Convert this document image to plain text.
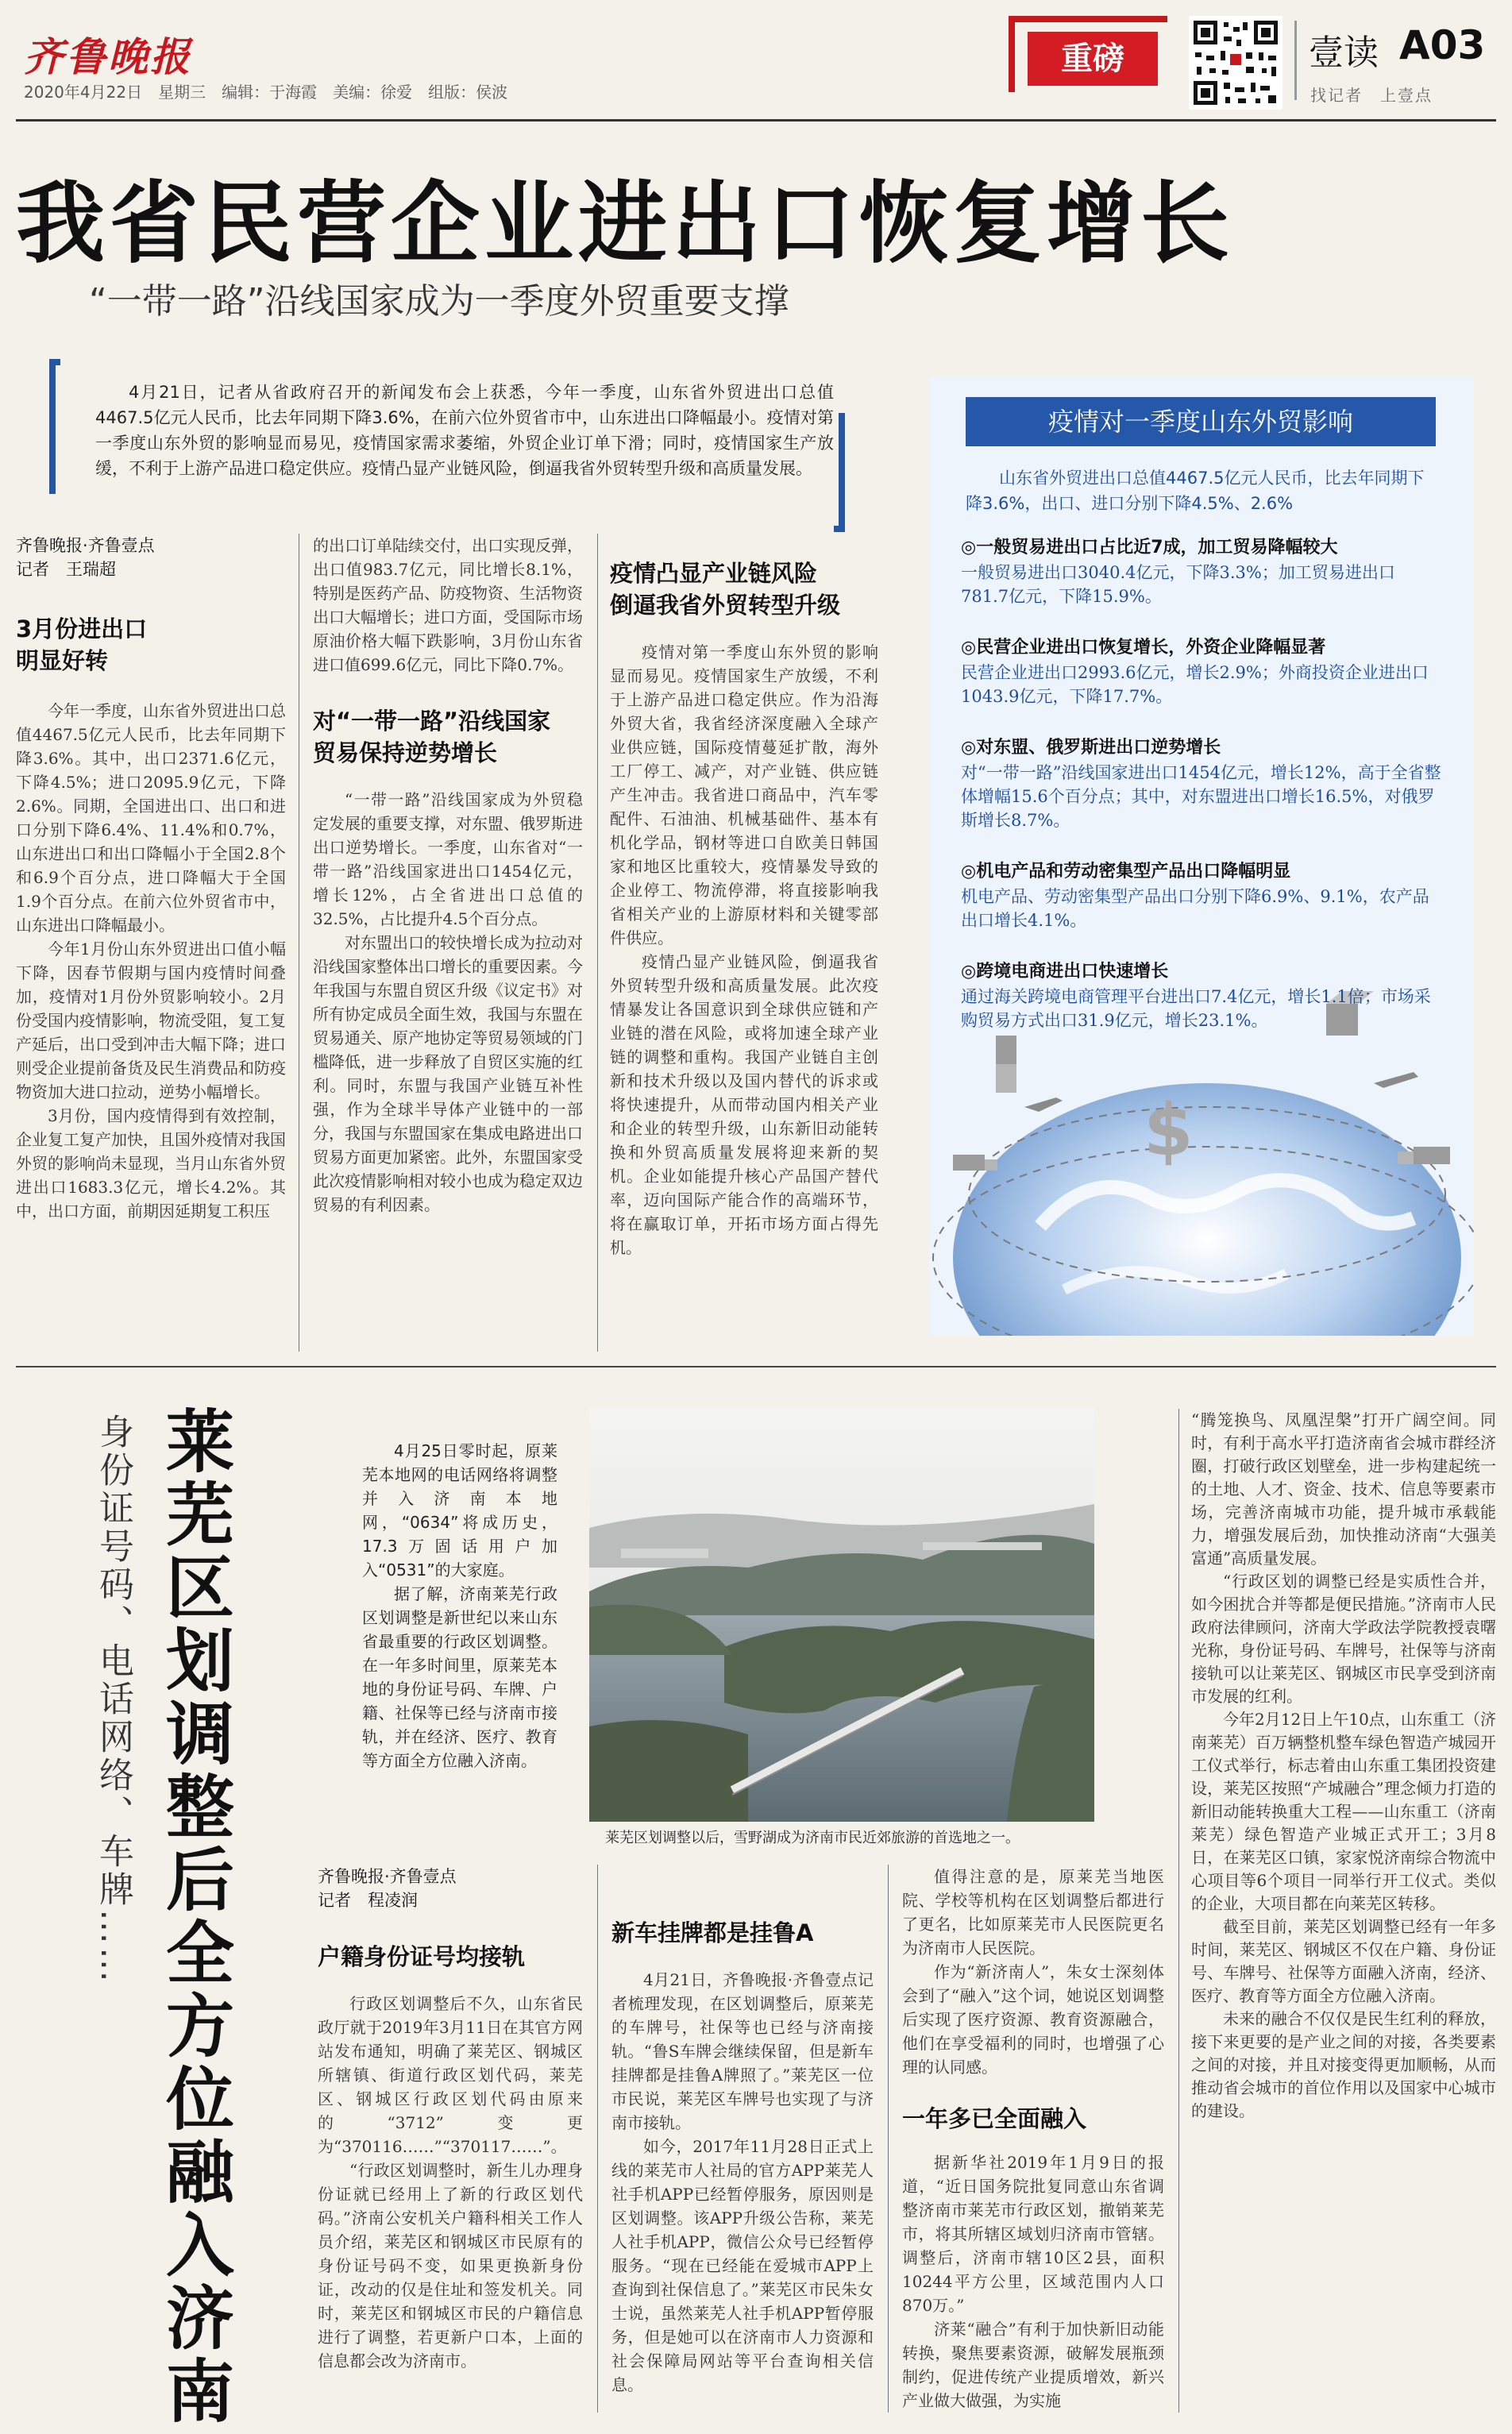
齐鲁晚报
2020年4月22日　星期三　编辑：于海霞　美编：徐爱　组版：侯波
重磅	壹读 A03
找记者　上壹点
我省民营企业进出口恢复增长
“一带一路”沿线国家成为一季度外贸重要支撑
4月21日，记者从省政府召开的新闻发布会上获悉，今年一季度，山东省外贸进出口总值4467.5亿元人民币，比去年同期下降3.6%，在前六位外贸省市中，山东进出口降幅最小。疫情对第一季度山东外贸的影响显而易见，疫情国家需求萎缩，外贸企业订单下滑；同时，疫情国家生产放缓，不利于上游产品进口稳定供应。疫情凸显产业链风险，倒逼我省外贸转型升级和高质量发展。
齐鲁晚报·齐鲁壹点
记者　王瑞超
3月份进出口
明显好转

今年一季度，山东省外贸进出口总值4467.5亿元人民币，比去年同期下降3.6%。其中，出口2371.6亿元，下降4.5%；进口2095.9亿元，下降2.6%。同期，全国进出口、出口和进口分别下降6.4%、11.4%和0.7%，山东进出口和出口降幅小于全国2.8个和6.9个百分点，进口降幅大于全国1.9个百分点。在前六位外贸省市中，山东进出口降幅最小。

今年1月份山东外贸进出口值小幅下降，因春节假期与国内疫情时间叠加，疫情对1月份外贸影响较小。2月份受国内疫情影响，物流受阻，复工复产延后，出口受到冲击大幅下降；进口则受企业提前备货及民生消费品和防疫物资加大进口拉动，逆势小幅增长。

3月份，国内疫情得到有效控制，企业复工复产加快，且国外疫情对我国外贸的影响尚未显现，当月山东省外贸进出口1683.3亿元，增长4.2%。其中，出口方面，前期因延期复工积压

的出口订单陆续交付，出口实现反弹，出口值983.7亿元，同比增长8.1%，特别是医药产品、防疫物资、生活物资出口大幅增长；进口方面，受国际市场原油价格大幅下跌影响，3月份山东省进口值699.6亿元，同比下降0.7%。

对“一带一路”沿线国家
贸易保持逆势增长

“一带一路”沿线国家成为外贸稳定发展的重要支撑，对东盟、俄罗斯进出口逆势增长。一季度，山东省对“一带一路”沿线国家进出口1454亿元，增长12%，占全省进出口总值的32.5%，占比提升4.5个百分点。

对东盟出口的较快增长成为拉动对沿线国家整体出口增长的重要因素。今年我国与东盟自贸区升级《议定书》对所有协定成员全面生效，我国与东盟在贸易通关、原产地协定等贸易领域的门槛降低，进一步释放了自贸区实施的红利。同时，东盟与我国产业链互补性强，作为全球半导体产业链中的一部分，我国与东盟国家在集成电路进出口贸易方面更加紧密。此外，东盟国家受此次疫情影响相对较小也成为稳定双边贸易的有利因素。

疫情凸显产业链风险
倒逼我省外贸转型升级

疫情对第一季度山东外贸的影响显而易见。疫情国家生产放缓，不利于上游产品进口稳定供应。作为沿海外贸大省，我省经济深度融入全球产业供应链，国际疫情蔓延扩散，海外工厂停工、减产，对产业链、供应链产生冲击。我省进口商品中，汽车零配件、石油油、机械基础件、基本有机化学品，钢材等进口自欧美日韩国家和地区比重较大，疫情暴发导致的企业停工、物流停滞，将直接影响我省相关产业的上游原材料和关键零部件供应。

疫情凸显产业链风险，倒逼我省外贸转型升级和高质量发展。此次疫情暴发让各国意识到全球供应链和产业链的潜在风险，或将加速全球产业链的调整和重构。我国产业链自主创新和技术升级以及国内替代的诉求或将快速提升，从而带动国内相关产业和企业的转型升级，山东新旧动能转换和外贸高质量发展将迎来新的契机。企业如能提升核心产品国产替代率，迈向国际产能合作的高端环节，将在赢取订单，开拓市场方面占得先机。

$
疫情对一季度山东外贸影响
山东省外贸进出口总值4467.5亿元人民币，比去年同期下降3.6%，出口、进口分别下降4.5%、2.6%
◎一般贸易进出口占比近7成，加工贸易降幅较大
一般贸易进出口3040.4亿元，下降3.3%；加工贸易进出口781.7亿元，下降15.9%。
◎民营企业进出口恢复增长，外资企业降幅显著
民营企业进出口2993.6亿元，增长2.9%；外商投资企业进出口1043.9亿元，下降17.7%。
◎对东盟、俄罗斯进出口逆势增长
对“一带一路”沿线国家进出口1454亿元，增长12%，高于全省整体增幅15.6个百分点；其中，对东盟进出口增长16.5%，对俄罗斯增长8.7%。
◎机电产品和劳动密集型产品出口降幅明显
机电产品、劳动密集型产品出口分别下降6.9%、9.1%，农产品出口增长4.1%。
◎跨境电商进出口快速增长
通过海关跨境电商管理平台进出口7.4亿元，增长1.1倍；市场采购贸易方式出口31.9亿元，增长23.1%。
身份证号码、电话网络、车牌…… 莱芜区划调整后全方位融入济南	4月25日零时起，原莱芜本地网的电话网络将调整并入济南本地网，“0634”将成历史，17.3万固话用户加入“0531”的大家庭。
据了解，济南莱芜行政区划调整是新世纪以来山东省最重要的行政区划调整。在一年多时间里，原莱芜本地的身份证号码、车牌、户籍、社保等已经与济南市接轨，并在经济、医疗、教育等方面全方位融入济南。
莱芜区划调整以后，雪野湖成为济南市民近郊旅游的首选地之一。
齐鲁晚报·齐鲁壹点
记者　程凌润
户籍身份证号均接轨

行政区划调整后不久，山东省民政厅就于2019年3月11日在其官方网站发布通知，明确了莱芜区、钢城区所辖镇、街道行政区划代码，莱芜区、钢城区行政区划代码由原来的“3712”变更为“370116……”“370117……”。

“行政区划调整时，新生儿办理身份证就已经用上了新的行政区划代码。”济南公安机关户籍科相关工作人员介绍，莱芜区和钢城区市民原有的身份证号码不变，如果更换新身份证，改动的仅是住址和签发机关。同时，莱芜区和钢城区市民的户籍信息进行了调整，若更新户口本，上面的信息都会改为济南市。

新车挂牌都是挂鲁A

4月21日，齐鲁晚报·齐鲁壹点记者梳理发现，在区划调整后，原莱芜的车牌号，社保等也已经与济南接轨。“鲁S车牌会继续保留，但是新车挂牌都是挂鲁A牌照了。”莱芜区一位市民说，莱芜区车牌号也实现了与济南市接轨。

如今，2017年11月28日正式上线的莱芜市人社局的官方APP莱芜人社手机APP已经暂停服务，原因则是区划调整。该APP升级公告称，莱芜人社手机APP，微信公众号已经暂停服务。“现在已经能在爱城市APP上查询到社保信息了。”莱芜区市民朱女士说，虽然莱芜人社手机APP暂停服务，但是她可以在济南市人力资源和社会保障局网站等平台查询相关信息。

值得注意的是，原莱芜当地医院、学校等机构在区划调整后都进行了更名，比如原莱芜市人民医院更名为济南市人民医院。

作为“新济南人”，朱女士深刻体会到了“融入”这个词，她说区划调整后实现了医疗资源、教育资源融合，他们在享受福利的同时，也增强了心理的认同感。

一年多已全面融入

据新华社2019年1月9日的报道，“近日国务院批复同意山东省调整济南市莱芜市行政区划，撤销莱芜市，将其所辖区域划归济南市管辖。调整后，济南市辖10区2县，面积10244平方公里，区域范围内人口870万。”

济莱“融合”有利于加快新旧动能转换，聚焦要素资源，破解发展瓶颈制约，促进传统产业提质增效，新兴产业做大做强，为实施

“腾笼换鸟、凤凰涅槃”打开广阔空间。同时，有利于高水平打造济南省会城市群经济圈，打破行政区划壁垒，进一步构建起统一的土地、人才、资金、技术、信息等要素市场，完善济南城市功能，提升城市承载能力，增强发展后劲，加快推动济南“大强美富通”高质量发展。

“行政区划的调整已经是实质性合并，如今困扰合并等都是便民措施。”济南市人民政府法律顾问，济南大学政法学院教授袁曙光称，身份证号码、车牌号，社保等与济南接轨可以让莱芜区、钢城区市民享受到济南市发展的红利。

今年2月12日上午10点，山东重工（济南莱芜）百万辆整机整车绿色智造产城园开工仪式举行，标志着由山东重工集团投资建设，莱芜区按照“产城融合”理念倾力打造的新旧动能转换重大工程——山东重工（济南莱芜）绿色智造产业城正式开工；3月8日，在莱芜区口镇，家家悦济南综合物流中心项目等6个项目一同举行开工仪式。类似的企业，大项目都在向莱芜区转移。

截至目前，莱芜区划调整已经有一年多时间，莱芜区、钢城区不仅在户籍、身份证号、车牌号、社保等方面融入济南，经济、医疗、教育等方面全方位融入济南。

未来的融合不仅仅是民生红利的释放，接下来更要的是产业之间的对接，各类要素之间的对接，并且对接变得更加顺畅，从而推动省会城市的首位作用以及国家中心城市的建设。
